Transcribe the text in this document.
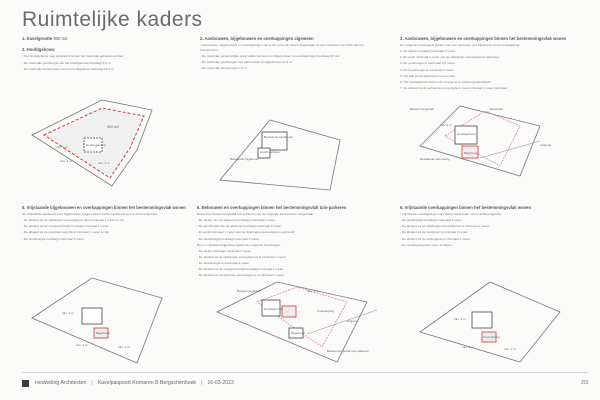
Ruimtelijke kaders
1. Kavelgrootte 900 m2
2. Hoofdgebouw

- Het hoofdgebouw mag uitsluitend binnen het bouwvlak gebouwd worden

- De maximale goothoogte van het hoofdgebouw bedraagt 6,0 m

- De maximale bouwhoogte van het hoofdgebouw bedraagt 10,0 m

900 m2
Hoofd-gebouw
min. 3 m
min. 3 m	min. 3 m
2. Aanbouwen, bijgebouwen en overkappingen algemeen

- Aanbouwen, bijgebouwen en overkappingen zijn in de vorm van kavels toegestaan tot een maximum van 40% van het bouwperceel.

- De maximale gezamenlijke oppervlakte van aan- en bijgebouwen en overkappingen bedraagt 40 m2.

- De maximale goothoogte voor aanbouwen en bijgebouwen is 3 m.

- De maximale bouwhoogte is 5 m.

Bestaande bijgebouw
Hoofd-gebouw
Bestaande bijgebouw
3. Aanbouwen, bijgebouwen en overkappingen binnen het bestemmingsvlak wonen

De volgende bouwregels gelden voor een aanbouw, een bijgebouw of een overkapping:

1. De diepte bedraagt maximaal 3 meter.

2. Er wordt minimaal 1 meter van de zijdelingse perceelsgrens gebouwd.

3. De goothoogte is maximaal 3,5 meter.

4. De bouwhoogte is maximaal 4 meter.

5. Het dak wordt afgewerkt met een kap.

6. Het hoofdgebouw dient in de voorgevel te worden gehandhaafd.

7. De afstand tot de achterste perceelsgrens moet minimaal 1 meter bedragen.

Bestemmingsvlak	Bouwvlak
Hoofdgebouw
Bestaande bebouwing
min. 3 m
Bijgebouw
erfgrens
5. Vrijstaande bijgebouwen en overkappingen binnen het bestemmingsvlak wonen

De vrijstaande aanbouwen en bijgebouwen mogen alleen worden gebouwd op het achtererfgebied.

- De afstand tot de zijdelingse perceelsgrens dient minimaal 1 meter te zijn.

- De afstand tot de voorgevelrooilijn bedraagt minimaal 1 meter.

- De afstand tot de openbare weg dient minimaal 1 meter te zijn.

- De bouwhoogte bedraagt maximaal 3 meter.

min. 3 m
Bijgebouw
min. 1 m	min. 1 m
6. Bebouwen en overkappingen binnen het bestemmingsvlak tuin-parkeren

Binnen het bestemmingsvlak tuin-parkeren zijn de volgende bouwwerken toegestaan:

- De diepte van het aanbouw bedraagt maximaal 3 meter.

- De goothoogte van de aanbouw bedraagt maximaal 3 meter.

- Er wordt minimaal 1 meter van de zijdelingse perceelsgrens gebouwd.

- De bouwhoogte bedraagt maximaal 4 meter.

Bij een vrijstaand bijgebouw gelden de volgende bouwregels:

- De diepte bedraagt maximaal 3 meter.

- De afstand tot de zijdelingse perceelsgrens is minimaal 1 meter.

- De bouwhoogte is maximaal 4 meter.

- De afstand tot de voorgevelrooilijn bedraagt minimaal 1 meter.

- De afstand tot de achterste perceelsgrens is minimaal 1 meter.

Bestemmingsvlak
Hoofdgebouw
min. 1 m
Overkapping
Bijgebouw
Bestemmingsvlak tuin-parkeren
erfgrens
6. Vrijstaande overkappingen binnen het bestemmingsvlak wonen

- Vrijstaande overkappingen zijn alleen toegestaan op het achtererfgebied.

- De bouwhoogte bedraagt maximaal 3 meter.

- De afstand tot de zijdelingse perceelsgrens is minimaal 1 meter.

- De afstand tot de voorgevel is minimaal 3 meter.

- De afstand tot de achtergevel is minimaal 3 meter.

- De overkapping dient open te blijven.

min. 3 m
Overkapping
min. 1 m	min. 1 m
Houweling Architecten | Kavelpaspoort Kornaren B Bergschenhoek | 16-03-2023	2/3
